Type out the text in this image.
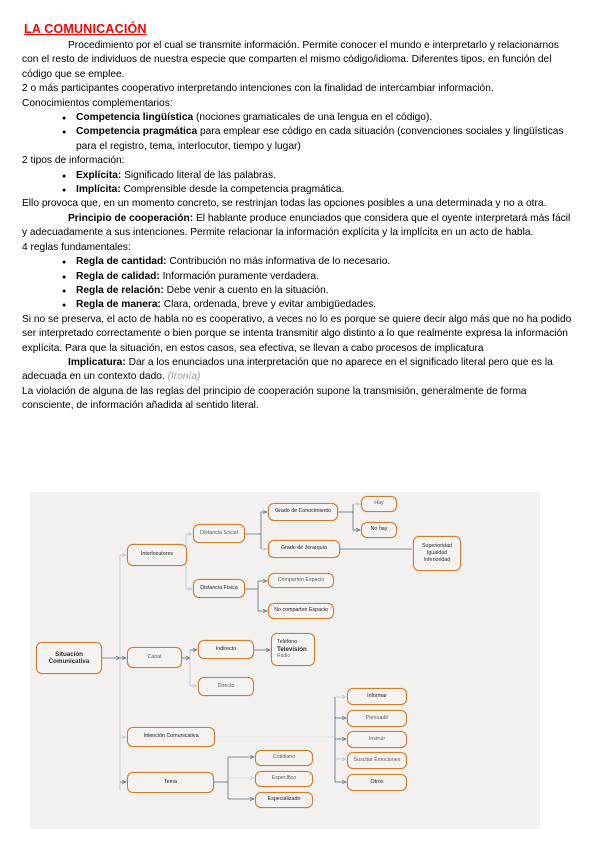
LA COMUNICACIÓN

Procedimiento por el cual se transmite información. Permite conocer el mundo e interpretarlo y relacionarnos con el resto de individuos de nuestra especie que comparten el mismo código/idioma. Diferentes tipos, en función del código que se emplee.

2 o más participantes cooperativo interpretando intenciones con la finalidad de intercambiar información.

Conocimientos complementarios:

● Competencia lingüística (nociones gramaticales de una lengua en el código).
● Competencia pragmática para emplear ese código en cada situación (convenciones sociales y lingüísticas para el registro, tema, interlocutor, tiempo y lugar)

2 tipos de información:

● Explícita: Significado literal de las palabras.
● Implícita: Comprensible desde la competencia pragmática.

Ello provoca que, en un momento concreto, se restrinjan todas las opciones posibles a una determinada y no a otra.

Principio de cooperación: El hablante produce enunciados que considera que el oyente interpretará más fácil y adecuadamente a sus intenciones. Permite relacionar la información explícita y la implícita en un acto de habla.

4 reglas fundamentales:

● Regla de cantidad: Contribución no más informativa de lo necesario.
● Regla de calidad: Información puramente verdadera.
● Regla de relación: Debe venir a cuento en la situación.
● Regla de manera: Clara, ordenada, breve y evitar ambigüedades.

Si no se preserva, el acto de habla no es cooperativo, a veces no lo es porque se quiere decir algo más que no ha podido ser interpretado correctamente o bien porque se intenta transmitir algo distinto a lo que realmente expresa la información explícita. Para que la situación, en estos casos, sea efectiva, se llevan a cabo procesos de implicatura

Implicatura: Dar a los enunciados una interpretación que no aparece en el significado literal pero que es la adecuada en un contexto dado. (Ironía)

La violación de alguna de las reglas del principio de cooperación supone la transmisión, generalmente de forma consciente, de información añadida al sentido literal.

Situación Comunicativa
Interlocutores
Distancia Social
Grado de Conocimiento
Hay
No hay
Grado de Jerarquía	Superioridad
Igualdad
Inferioridad
Distancia Física
Comparten Espacio
No comparten Espacio
Canal
Indirecto
Teléfono
Televisión
Radio
Directo
Intención Comunicativa
Informar
Persuadir
Instruir
Suscitar Emociones
Otros
Tema
Cotidiano
Específico
Especializado
